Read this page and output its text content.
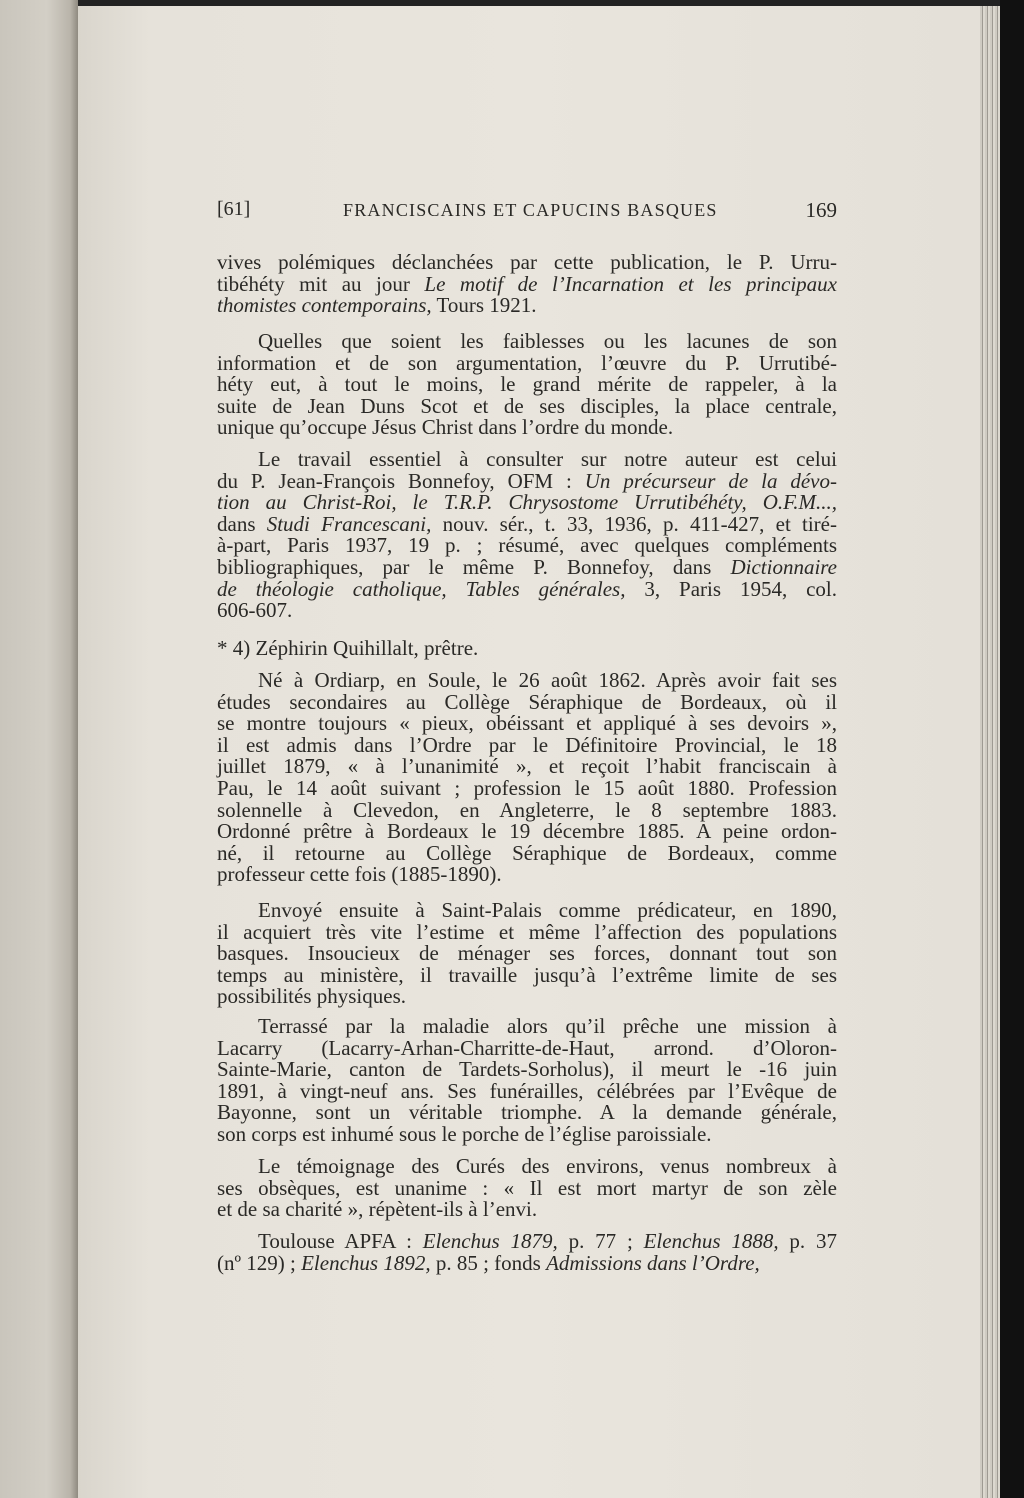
[61]	FRANCISCAINS ET CAPUCINS BASQUES	169
vives polémiques déclanchées par cette publication, le P. Urru-
tibéhéty mit au jour Le motif de l’Incarnation et les principaux
thomistes contemporains, Tours 1921.
Quelles que soient les faiblesses ou les lacunes de son
information et de son argumentation, l’œuvre du P. Urrutibé-
héty eut, à tout le moins, le grand mérite de rappeler, à la
suite de Jean Duns Scot et de ses disciples, la place centrale,
unique qu’occupe Jésus Christ dans l’ordre du monde.
Le travail essentiel à consulter sur notre auteur est celui
du P. Jean-François Bonnefoy, OFM : Un précurseur de la dévo-
tion au Christ-Roi, le T.R.P. Chrysostome Urrutibéhéty, O.F.M...,
dans Studi Francescani, nouv. sér., t. 33, 1936, p. 411-427, et tiré-
à-part, Paris 1937, 19 p. ; résumé, avec quelques compléments
bibliographiques, par le même P. Bonnefoy, dans Dictionnaire
de théologie catholique, Tables générales, 3, Paris 1954, col.
606-607.
* 4) Zéphirin Quihillalt, prêtre.
Né à Ordiarp, en Soule, le 26 août 1862. Après avoir fait ses
études secondaires au Collège Séraphique de Bordeaux, où il
se montre toujours « pieux, obéissant et appliqué à ses devoirs »,
il est admis dans l’Ordre par le Définitoire Provincial, le 18
juillet 1879, « à l’unanimité », et reçoit l’habit franciscain à
Pau, le 14 août suivant ; profession le 15 août 1880. Profession
solennelle à Clevedon, en Angleterre, le 8 septembre 1883.
Ordonné prêtre à Bordeaux le 19 décembre 1885. A peine ordon-
né, il retourne au Collège Séraphique de Bordeaux, comme
professeur cette fois (1885-1890).
Envoyé ensuite à Saint-Palais comme prédicateur, en 1890,
il acquiert très vite l’estime et même l’affection des populations
basques. Insoucieux de ménager ses forces, donnant tout son
temps au ministère, il travaille jusqu’à l’extrême limite de ses
possibilités physiques.
Terrassé par la maladie alors qu’il prêche une mission à
Lacarry (Lacarry-Arhan-Charritte-de-Haut, arrond. d’Oloron-
Sainte-Marie, canton de Tardets-Sorholus), il meurt le -16 juin
1891, à vingt-neuf ans. Ses funérailles, célébrées par l’Evêque de
Bayonne, sont un véritable triomphe. A la demande générale,
son corps est inhumé sous le porche de l’église paroissiale.
Le témoignage des Curés des environs, venus nombreux à
ses obsèques, est unanime : « Il est mort martyr de son zèle
et de sa charité », répètent-ils à l’envi.
Toulouse APFA : Elenchus 1879, p. 77 ; Elenchus 1888, p. 37
(nº 129) ; Elenchus 1892, p. 85 ; fonds Admissions dans l’Ordre,
